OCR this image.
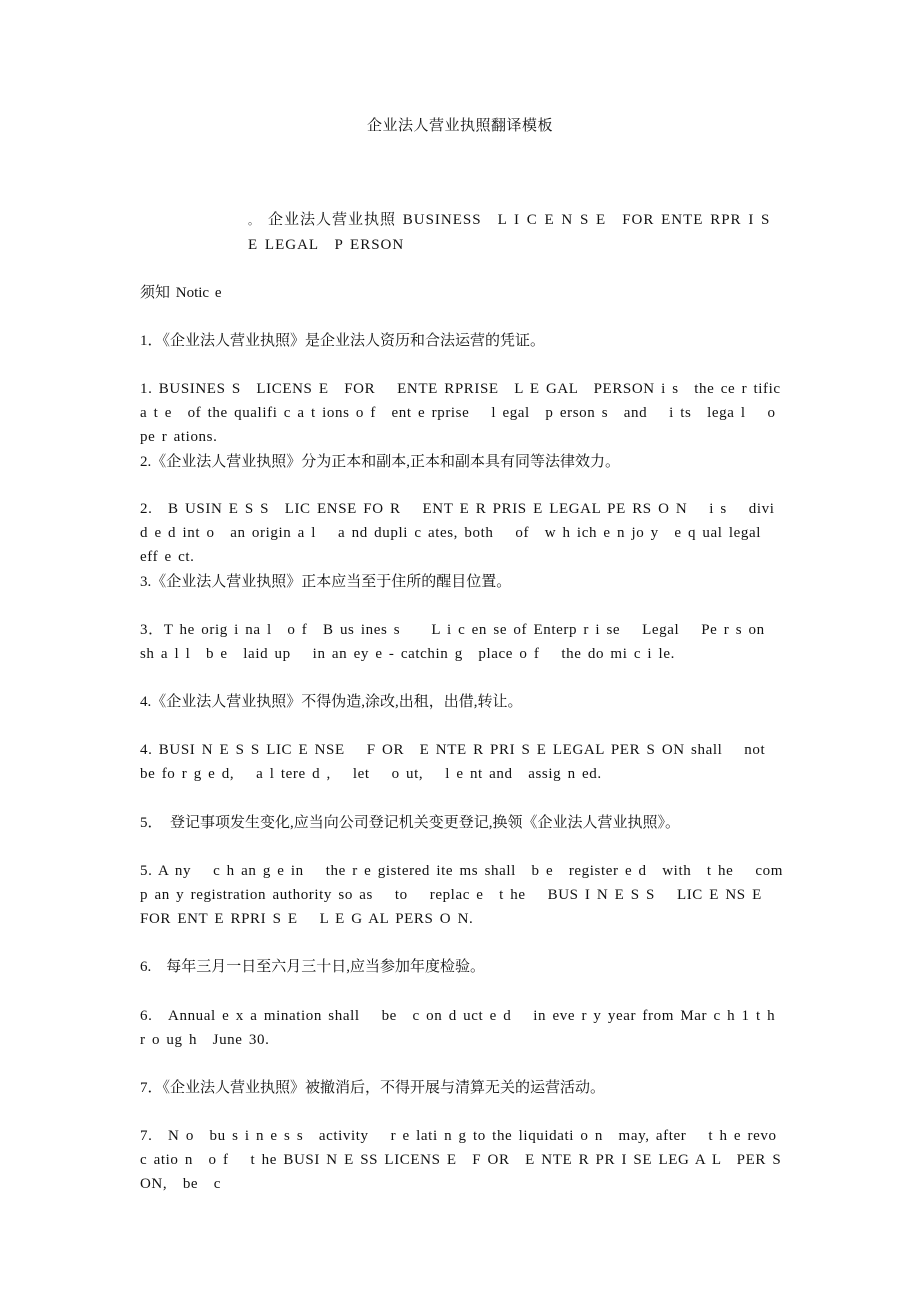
企业法人营业执照翻译模板
。 企业法人营业执照 BUSINESS　L I C E N S E　FOR ENTE RPR I S E LEGAL　P ERSON
须知 Notic e
1．《企业法人营业执照》是企业法人资历和合法运营的凭证。
1. BUSINES S　LICENS E　FOR　 ENTE RPRISE　L E GAL　PERSON i s　the ce r tific a t e　of the qualifi c a t ions o f　ent e rprise　 l egal　p erson s　and　 i ts　lega l　 o pe r ations.
2.《企业法人营业执照》分为正本和副本,正本和副本具有同等法律效力。
2.　B USIN E S S　LIC ENSE FO R　 ENT E R PRIS E LEGAL PE RS O N　 i s　 divi d e d int o　an origin a l　 a nd dupli c ates, both　 of　w h ich e n jo y　e q ual legal eff e ct.
3.《企业法人营业执照》正本应当至于住所的醒目位置。
3．T he orig i na l　o f　B us ines s　　L i c en se of Enterp r i se　 Legal　 Pe r s on sh a l l　b e　laid up　 in an ey e - catchin g　place o f　 the do mi c i le.
4.《企业法人营业执照》不得伪造,涂改,出租，出借,转让。
4. BUSI N E S S LIC E NSE　 F OR　E NTE R PRI S E LEGAL PER S ON shall　 not be fo r g e d,　 a l tere d ,　 let　 o ut,　 l e nt and　assig n ed.
5．　登记事项发生变化,应当向公司登记机关变更登记,换领《企业法人营业执照》。
5. A ny　 c h an g e in　 the r e gistered ite ms shall　b e　register e d　with　t he　 com p an y registration authority so as　 to　 replac e　t he　 BUS I N E S S　 LIC E NS E　FOR ENT E RPRI S E　 L E G AL PERS O N.
6.　每年三月一日至六月三十日,应当参加年度检验。
6.　Annual e x a mination shall　 be　c on d uct e d　 in eve r y year from Mar c h 1 t h　r o ug h　June 30.
7．《企业法人营业执照》被撤消后，不得开展与清算无关的运营活动。
7.　N o　bu s i n e s s　activity　 r e lati n g to the liquidati o n　may, after　 t h e revo c atio n　o f　 t he BUSI N E SS LICENS E　F OR　E NTE R PR I SE LEG A L　PER S ON,　be　c
